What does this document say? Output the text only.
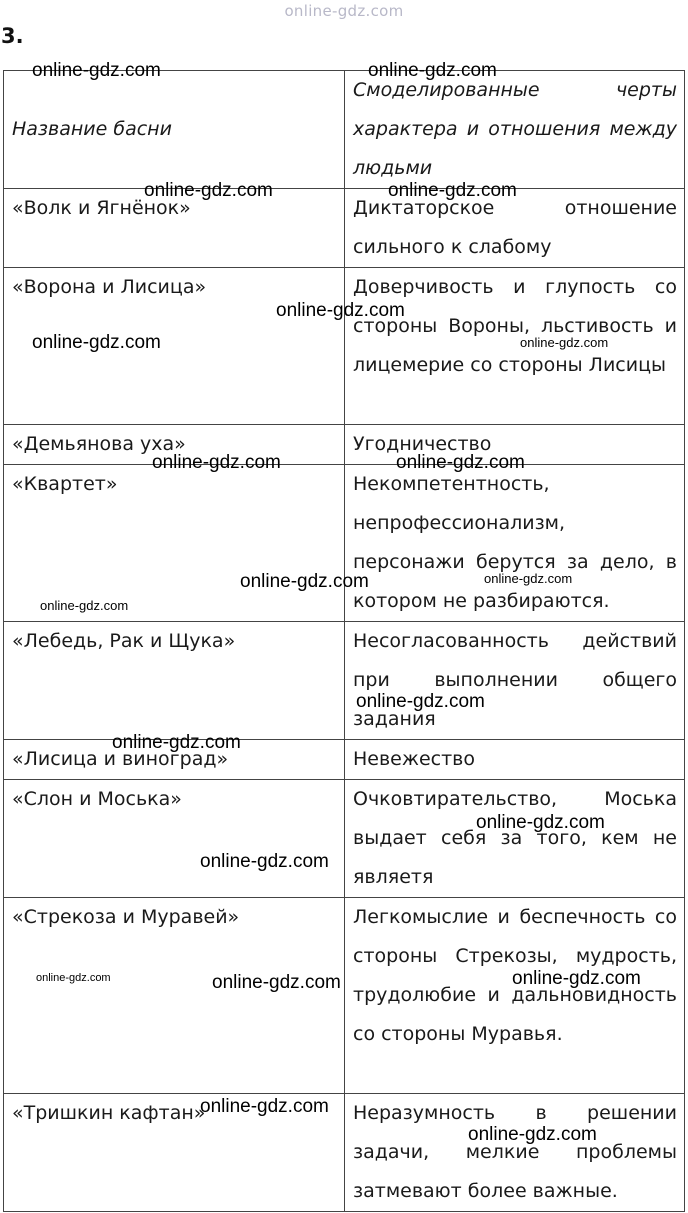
online-gdz.com
3.
Название басни	Смоделированные черты характера и отношения между людьми
«Волк и Ягнёнок»	Диктаторское отношение сильного к слабому
«Ворона и Лисица»	Доверчивость и глупость со стороны Вороны, льстивость и лицемерие со стороны Лисицы
«Демьянова уха»	Угодничество
«Квартет»	Некомпетентность, непрофессионализм, персонажи берутся за дело, в котором не разбираются.
«Лебедь, Рак и Щука»	Несогласованность действий при выполнении общего задания
«Лисица и виноград»	Невежество
«Слон и Моська»	Очковтирательство, Моська выдает себя за того, кем не являетя
«Стрекоза и Муравей»	Легкомыслие и беспечность со стороны Стрекозы, мудрость, трудолюбие и дальновидность со стороны Муравья.
«Тришкин кафтан»	Неразумность в решении задачи, мелкие проблемы затмевают более важные.
online-gdz.com	online-gdz.com
online-gdz.com	online-gdz.com
online-gdz.com
online-gdz.com	online-gdz.com
online-gdz.com	online-gdz.com
online-gdz.com	online-gdz.com
online-gdz.com
online-gdz.com
online-gdz.com
online-gdz.com
online-gdz.com
online-gdz.com
online-gdz.com	online-gdz.com
online-gdz.com
online-gdz.com
